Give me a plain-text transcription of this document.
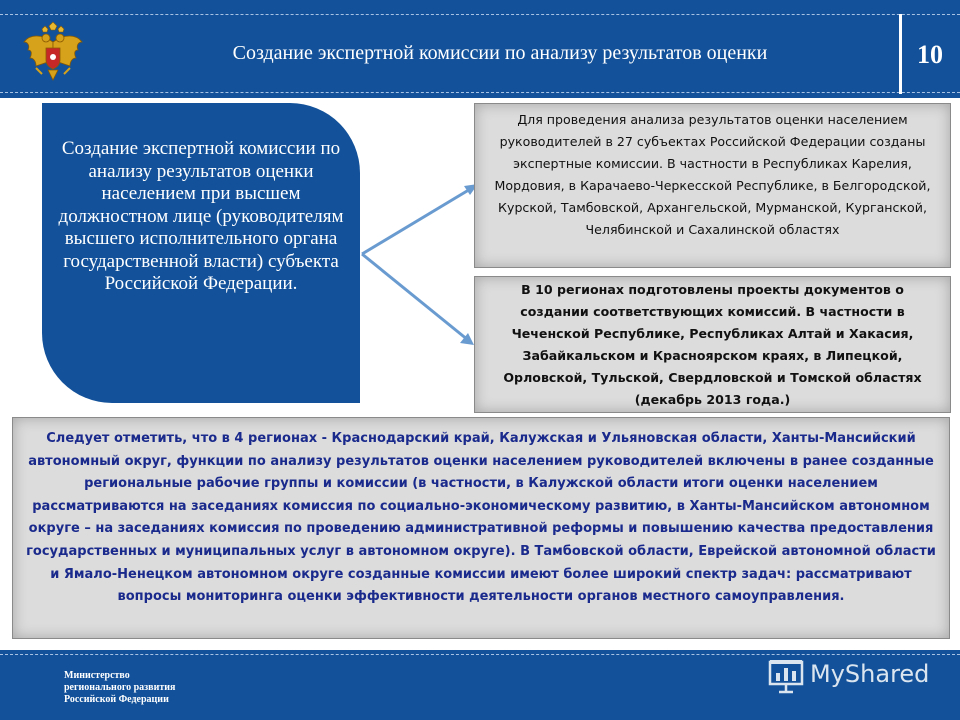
Создание экспертной комиссии по анализу результатов оценки	10
Создание экспертной комиссии по анализу результатов оценки населением при высшем должностном лице (руководителям высшего исполнительного органа государственной власти) субъекта Российской Федерации.
Для проведения анализа результатов оценки населением руководителей в 27 субъектах Российской Федерации созданы экспертные комиссии. В частности в Республиках Карелия, Мордовия, в Карачаево-Черкесской Республике, в Белгородской, Курской, Тамбовской, Архангельской, Мурманской, Курганской, Челябинской и Сахалинской областях
В 10 регионах подготовлены проекты документов о создании соответствующих комиссий. В частности в Чеченской Республике, Республиках Алтай и Хакасия, Забайкальском и Красноярском краях, в Липецкой, Орловской, Тульской, Свердловской и Томской областях (декабрь 2013 года.)
Следует отметить, что в 4 регионах - Краснодарский край, Калужская и Ульяновская области, Ханты-Мансийский автономный округ, функции по анализу результатов оценки населением руководителей включены в ранее созданные региональные рабочие группы и комиссии (в частности, в Калужской области итоги оценки населением рассматриваются на заседаниях комиссия по социально-экономическому развитию, в Ханты-Мансийском автономном округе – на заседаниях комиссия по проведению административной реформы и повышению качества предоставления государственных и муниципальных услуг в автономном округе). В Тамбовской области, Еврейской автономной области и Ямало-Ненецком автономном округе созданные комиссии имеют более широкий спектр задач: рассматривают вопросы мониторинга оценки эффективности деятельности органов местного самоуправления.
Министерство
регионального развития
Российской Федерации
MyShared
